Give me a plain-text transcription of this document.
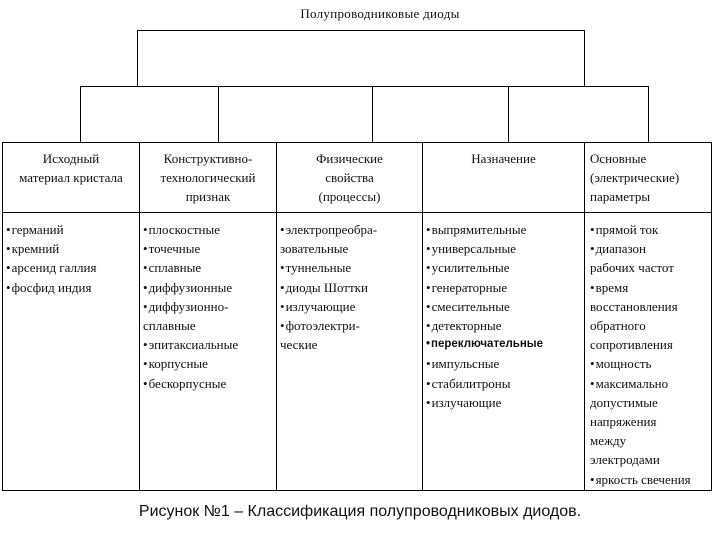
Полупроводниковые диоды
Исходный
материал кристала
Конструктивно-
технологический
признак
Физические
свойства
(процессы)
Назначение	Основные
(электрические)
параметры
• германий
• кремний
• арсенид галлия
• фосфид индия
• плоскостные
• точечные
• сплавные
• диффузионные
• диффузионно-
сплавные
• эпитаксиальные
• корпусные
• бескорпусные
• электропреобра-
зовательные
• туннельные
• диоды Шоттки
• излучающие
• фотоэлектри-
ческие
• выпрямительные
• универсальные
• усилительные
• генераторные
• смесительные
• детекторные
• переключательные
• импульсные
• стабилитроны
• излучающие
• прямой ток
• диапазон
рабочих частот
• время
восстановления
обратного
сопротивления
• мощность
• максимально
допустимые
напряжения
между
электродами
• яркость свечения
Рисунок №1 – Классификация полупроводниковых диодов.
